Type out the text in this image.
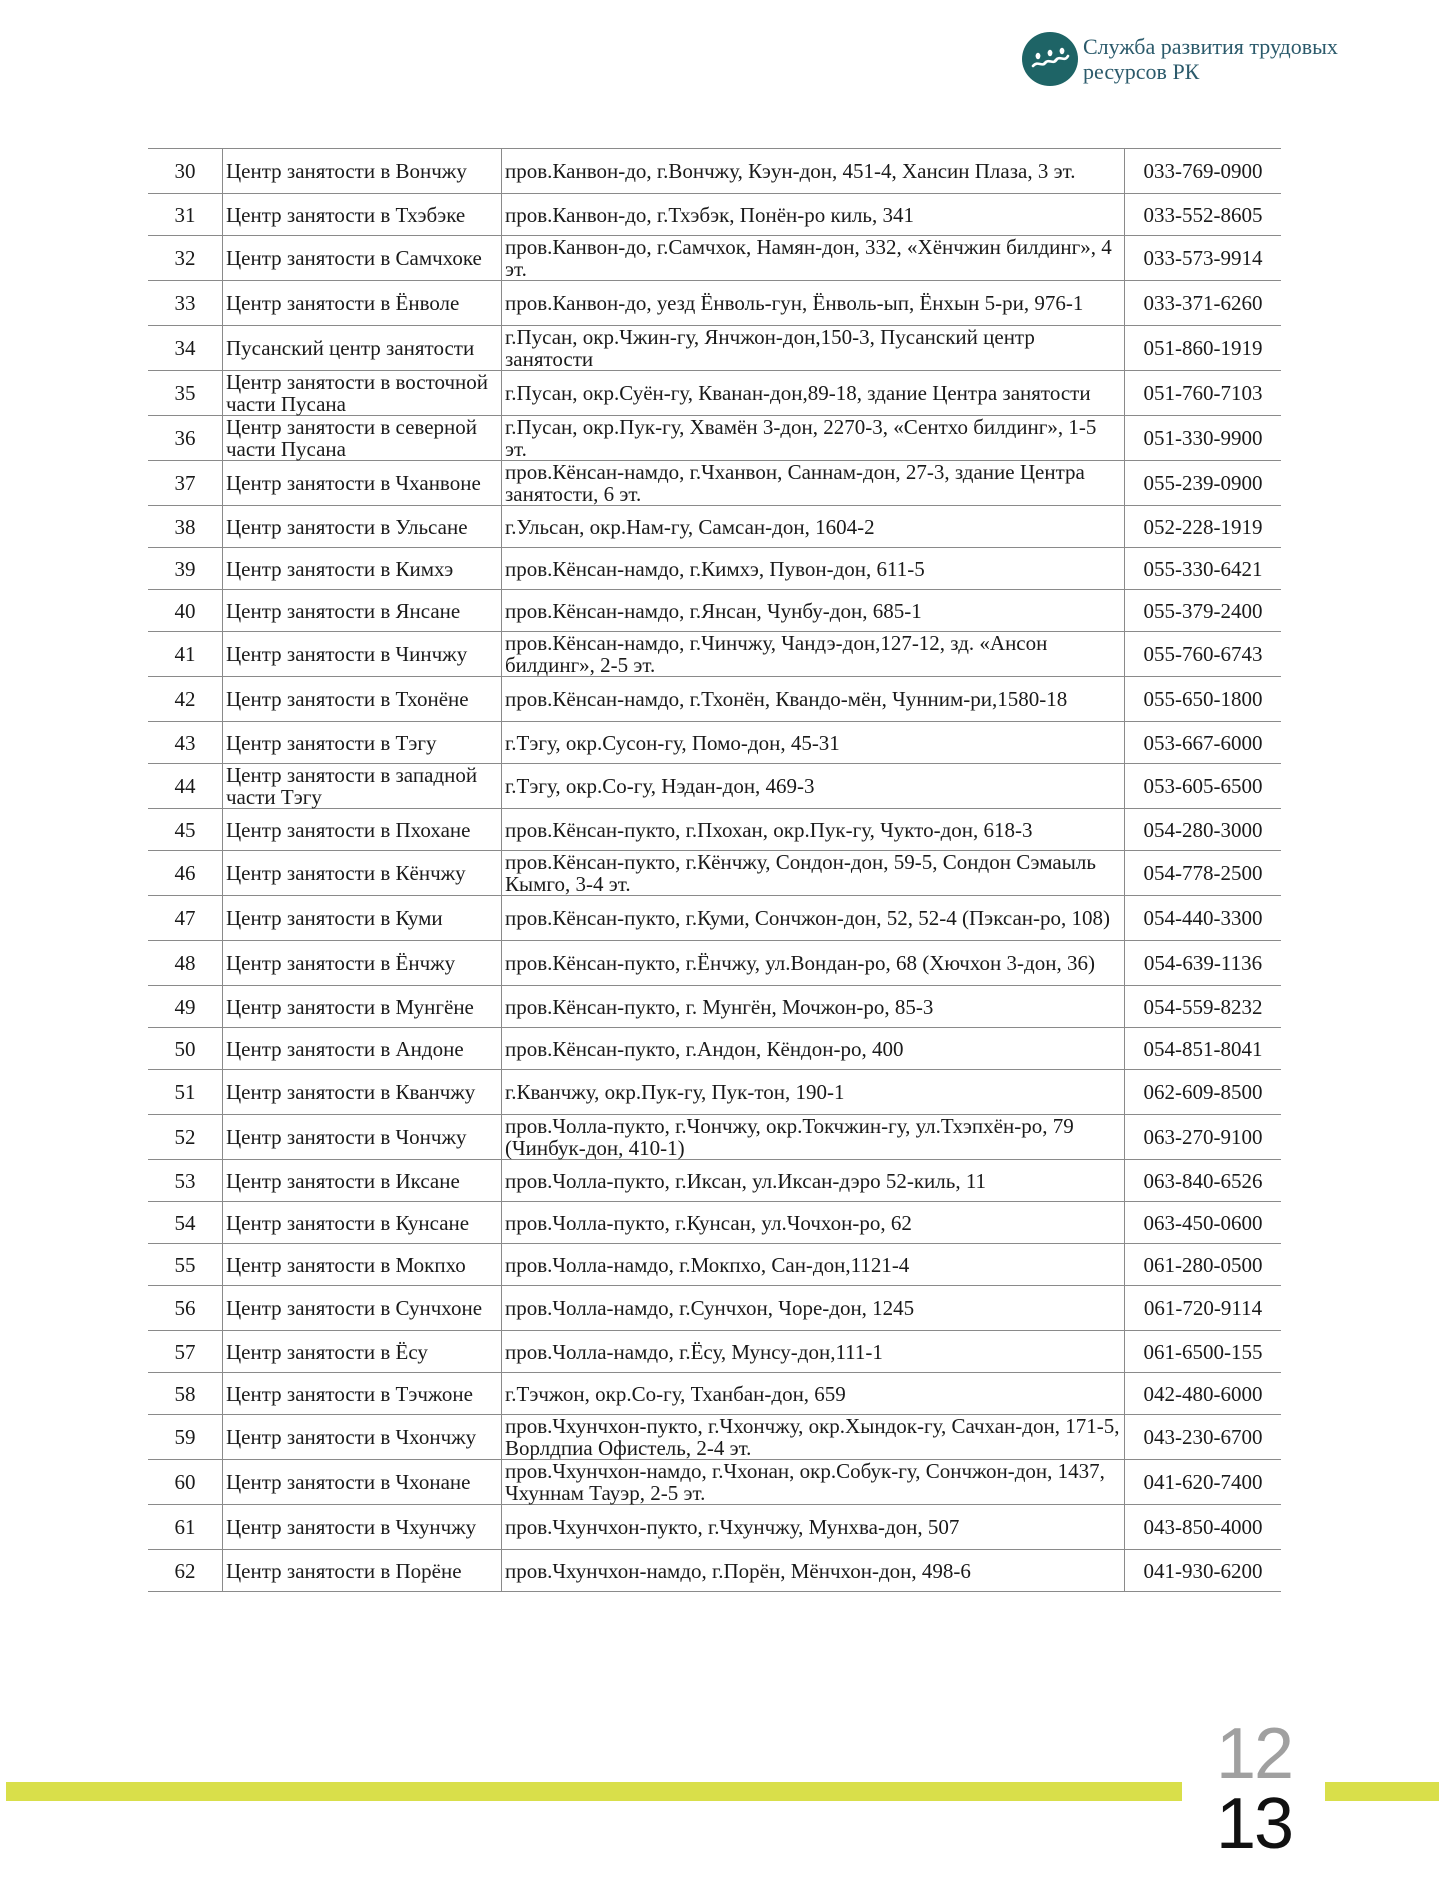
Служба развития трудовых
ресурсов РК
30	Центр занятости в Вончжу	пров.Канвон-до, г.Вончжу, Кэун-дон, 451-4, Хансин Плаза, 3 эт.	033-769-0900
31	Центр занятости в Тхэбэке	пров.Канвон-до, г.Тхэбэк, Понён-ро киль, 341	033-552-8605
32	Центр занятости в Самчхоке	пров.Канвон-до, г.Самчхок, Намян-дон, 332, «Хёнчжин билдинг», 4 эт.	033-573-9914
33	Центр занятости в Ёнволе	пров.Канвон-до, уезд Ёнволь-гун, Ёнволь-ып, Ёнхын 5-ри, 976-1	033-371-6260
34	Пусанский центр занятости	г.Пусан, окр.Чжин-гу, Янчжон-дон,150-3, Пусанский центр занятости	051-860-1919
35	Центр занятости в восточной части Пусана	г.Пусан, окр.Суён-гу, Кванан-дон,89-18, здание Центра занятости	051-760-7103
36	Центр занятости в северной части Пусана	г.Пусан, окр.Пук-гу, Хвамён 3-дон, 2270-3, «Сентхо билдинг», 1-5 эт.	051-330-9900
37	Центр занятости в Чханвоне	пров.Кёнсан-намдо, г.Чханвон, Саннам-дон, 27-3, здание Центра занятости, 6 эт.	055-239-0900
38	Центр занятости в Ульсане	г.Ульсан, окр.Нам-гу, Самсан-дон, 1604-2	052-228-1919
39	Центр занятости в Кимхэ	пров.Кёнсан-намдо, г.Кимхэ, Пувон-дон, 611-5	055-330-6421
40	Центр занятости в Янсане	пров.Кёнсан-намдо, г.Янсан, Чунбу-дон, 685-1	055-379-2400
41	Центр занятости в Чинчжу	пров.Кёнсан-намдо, г.Чинчжу, Чандэ-дон,127-12, зд. «Ансон билдинг», 2-5 эт.	055-760-6743
42	Центр занятости в Тхонёне	пров.Кёнсан-намдо, г.Тхонён, Квандо-мён, Чунним-ри,1580-18	055-650-1800
43	Центр занятости в Тэгу	г.Тэгу, окр.Сусон-гу, Помо-дон, 45-31	053-667-6000
44	Центр занятости в западной части Тэгу	г.Тэгу, окр.Со-гу, Нэдан-дон, 469-3	053-605-6500
45	Центр занятости в Пхохане	пров.Кёнсан-пукто, г.Пхохан, окр.Пук-гу, Чукто-дон, 618-3	054-280-3000
46	Центр занятости в Кёнчжу	пров.Кёнсан-пукто, г.Кёнчжу, Сондон-дон, 59-5, Сондон Сэмаыль Кымго, 3-4 эт.	054-778-2500
47	Центр занятости в Куми	пров.Кёнсан-пукто, г.Куми, Сончжон-дон, 52, 52-4 (Пэксан-ро, 108)	054-440-3300
48	Центр занятости в Ёнчжу	пров.Кёнсан-пукто, г.Ёнчжу, ул.Вондан-ро, 68 (Хючхон 3-дон, 36)	054-639-1136
49	Центр занятости в Мунгёне	пров.Кёнсан-пукто, г. Мунгён, Мочжон-ро, 85-3	054-559-8232
50	Центр занятости в Андоне	пров.Кёнсан-пукто, г.Андон, Кёндон-ро, 400	054-851-8041
51	Центр занятости в Кванчжу	г.Кванчжу, окр.Пук-гу, Пук-тон, 190-1	062-609-8500
52	Центр занятости в Чончжу	пров.Чолла-пукто, г.Чончжу, окр.Токчжин-гу, ул.Тхэпхён-ро, 79 (Чинбук-дон, 410-1)	063-270-9100
53	Центр занятости в Иксане	пров.Чолла-пукто, г.Иксан, ул.Иксан-дэро 52-киль, 11	063-840-6526
54	Центр занятости в Кунсане	пров.Чолла-пукто, г.Кунсан, ул.Чочхон-ро, 62	063-450-0600
55	Центр занятости в Мокпхо	пров.Чолла-намдо, г.Мокпхо, Сан-дон,1121-4	061-280-0500
56	Центр занятости в Сунчхоне	пров.Чолла-намдо, г.Сунчхон, Чоре-дон, 1245	061-720-9114
57	Центр занятости в Ёсу	пров.Чолла-намдо, г.Ёсу, Мунсу-дон,111-1	061-6500-155
58	Центр занятости в Тэчжоне	г.Тэчжон, окр.Со-гу, Тханбан-дон, 659	042-480-6000
59	Центр занятости в Чхончжу	пров.Чхунчхон-пукто, г.Чхончжу, окр.Хындок-гу, Сачхан-дон, 171-5, Ворлдпиа Офистель, 2-4 эт.	043-230-6700
60	Центр занятости в Чхонане	пров.Чхунчхон-намдо, г.Чхонан, окр.Собук-гу, Сончжон-дон, 1437, Чхуннам Тауэр, 2-5 эт.	041-620-7400
61	Центр занятости в Чхунчжу	пров.Чхунчхон-пукто, г.Чхунчжу, Мунхва-дон, 507	043-850-4000
62	Центр занятости в Порёне	пров.Чхунчхон-намдо, г.Порён, Мёнчхон-дон, 498-6	041-930-6200
12
13
